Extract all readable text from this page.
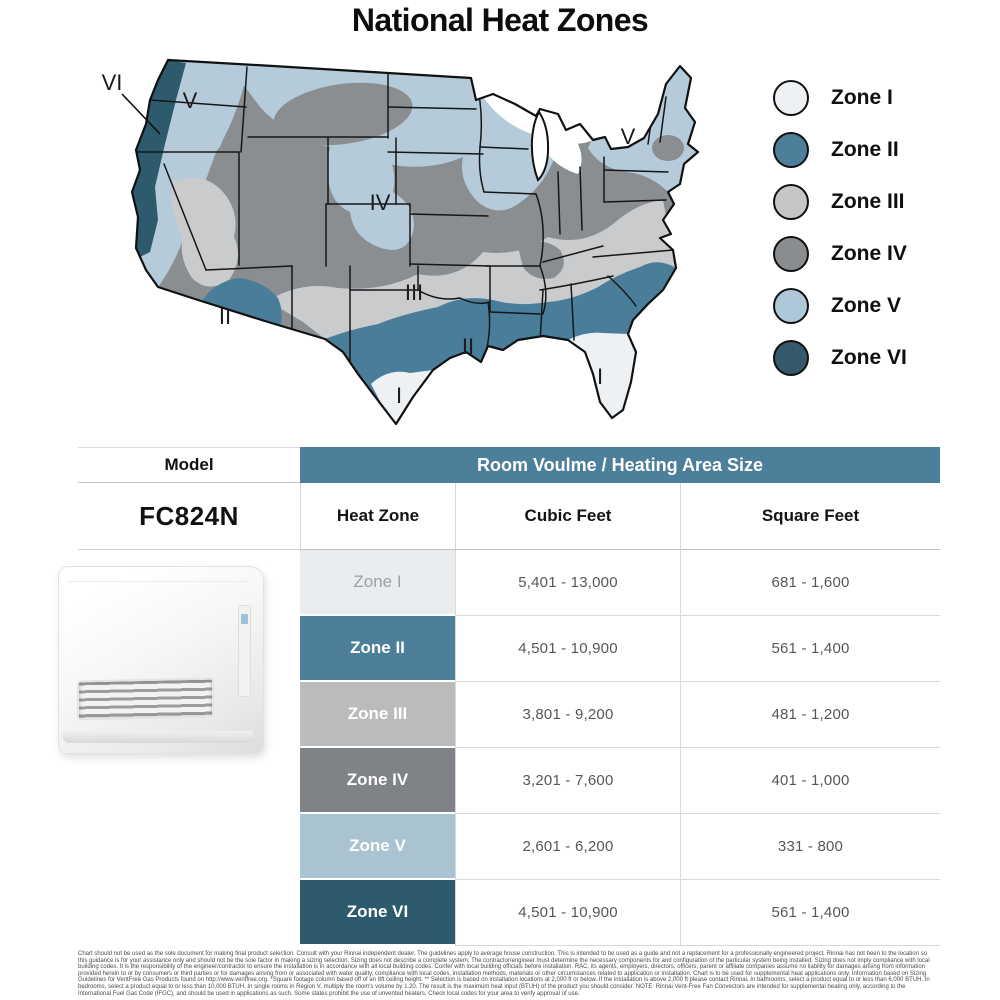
National Heat Zones
VI
V
V
IV
III
II
II
I
I
Zone I
Zone II
Zone III
Zone IV
Zone V
Zone VI
Model	Room Voulme / Heating Area Size
FC824N	Heat Zone	Cubic Feet	Square Feet
Zone I	5,401 - 13,000	681 - 1,600
Zone II	4,501 - 10,900	561 - 1,400
Zone III	3,801 - 9,200	481 - 1,200
Zone IV	3,201 - 7,600	401 - 1,000
Zone V	2,601 - 6,200	331 - 800
Zone VI	4,501 - 10,900	561 - 1,400
Chart should not be used as the sole document for making final product selection. Consult with your Rinnai independent dealer. The guidelines apply to average house construction. This is intended to be used as a guide and not a replacement for a professionally engineered project. Rinnai has not been to the location so this guidance is for your assistance only and should not be the sole factor in making a sizing selection. Sizing does not describe a complete system. The contractor/engineer must determine the necessary components for and configuration of the particular system being installed. Sizing does not imply compliance with local building codes. It is the responsibility of the engineer/contractor to ensure the installation is in accordance with all local building codes. Confer with local building officials before installation. RAC, its agents, employers, directors, officers, parent or affiliate companies assume no liability for damages arising from information provided herein to or by consumers or third parties or for damages arising from or associated with water quality, compliance with local codes, installation methods, materials or other circumstances related to application or installation. Chart is to be used for supplemental heat applications only. Information based on Sizing Guidelines for VentFree Gas Products found on http://www.ventfree.org. *Square footage column based off of an 8ft ceiling height. ** Selection is based on installation locations at 2,000 ft or below. If the installation is above 2,000 ft please contact Rinnai. In bathrooms, select a product equal to or less than 6,000 BTUH. In bedrooms, select a product equal to or less than 10,000 BTUH. In single rooms in Region V, multiply the room's volume by 1.20. The result is the maximum heat input (BTUH) of the product you should consider. NOTE: Rinnai Vent-Free Fan Convectors are intended for supplemental heating only, according to the International Fuel Gas Code (IFGC), and should be used in applications as such. Some states prohibit the use of unvented heaters. Check local codes for your area to verify approval of use.
